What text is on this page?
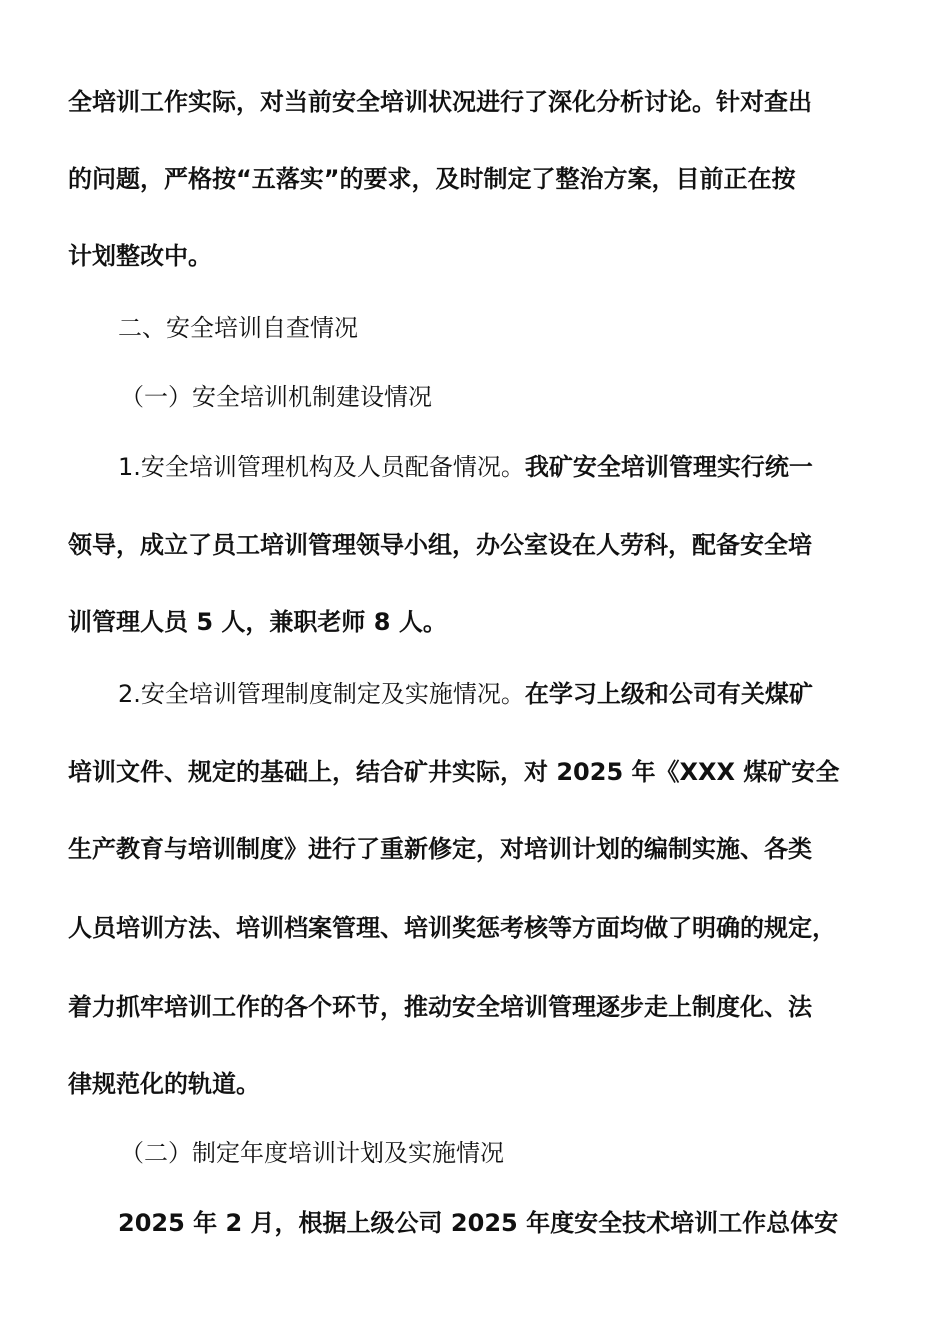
全培训工作实际，对当前安全培训状况进行了深化分析讨论。针对查出
的问题，严格按“五落实”的要求，及时制定了整治方案，目前正在按
计划整改中。
二、安全培训自查情况
（一）安全培训机制建设情况
1.安全培训管理机构及人员配备情况。我矿安全培训管理实行统一
领导，成立了员工培训管理领导小组，办公室设在人劳科，配备安全培
训管理人员 5 人，兼职老师 8 人。
2.安全培训管理制度制定及实施情况。在学习上级和公司有关煤矿
培训文件、规定的基础上，结合矿井实际，对 2025 年《XXX 煤矿安全
生产教育与培训制度》进行了重新修定，对培训计划的编制实施、各类
人员培训方法、培训档案管理、培训奖惩考核等方面均做了明确的规定，
着力抓牢培训工作的各个环节，推动安全培训管理逐步走上制度化、法
律规范化的轨道。
（二）制定年度培训计划及实施情况
2025 年 2 月，根据上级公司 2025 年度安全技术培训工作总体安
